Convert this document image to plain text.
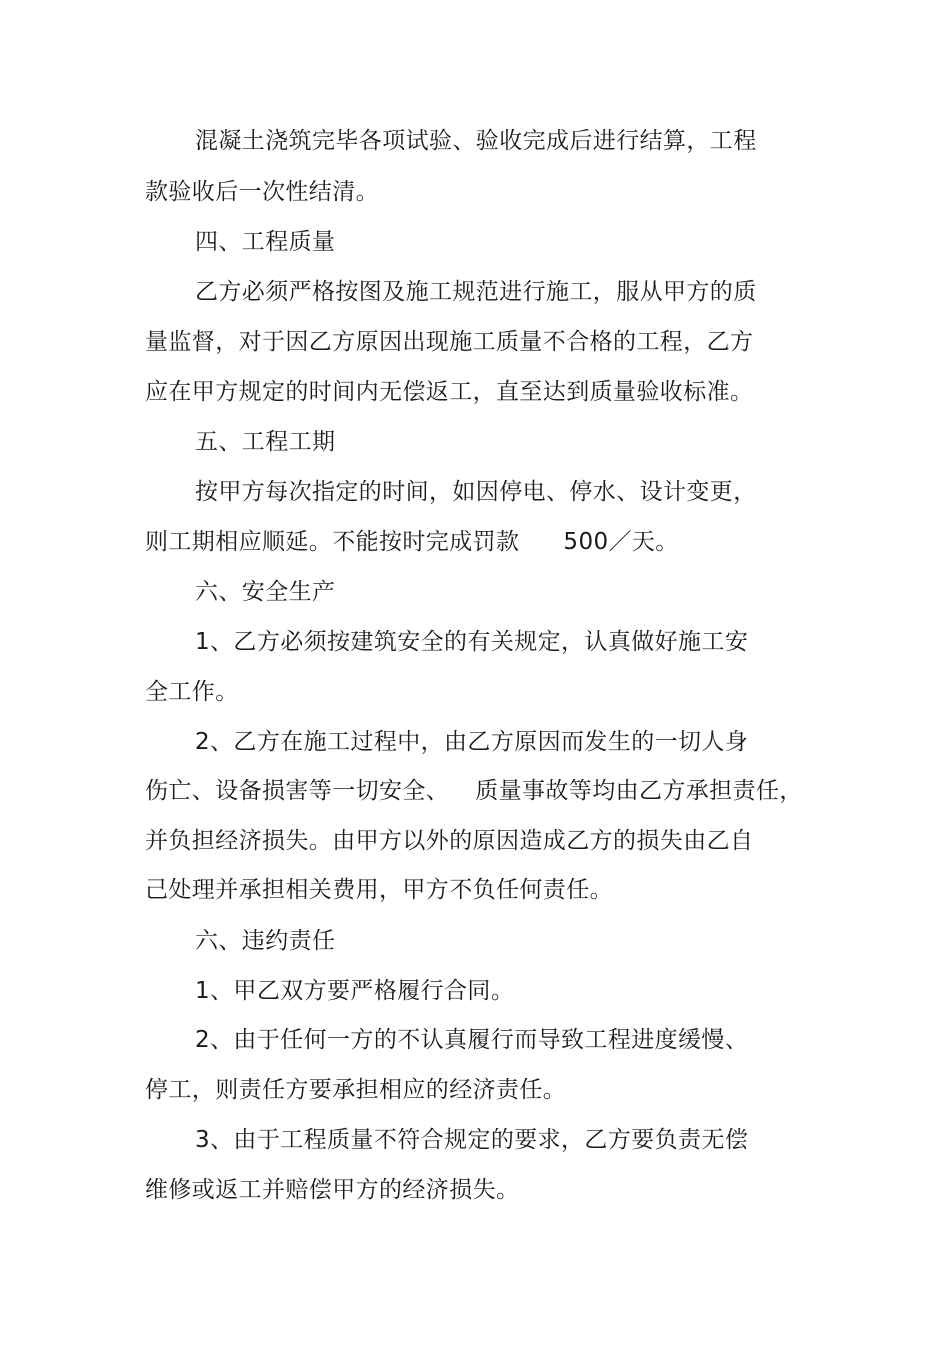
混凝土浇筑完毕各项试验、验收完成后进行结算，工程
款验收后一次性结清。
四、工程质量
乙方必须严格按图及施工规范进行施工，服从甲方的质
量监督，对于因乙方原因出现施工质量不合格的工程，乙方
应在甲方规定的时间内无偿返工，直至达到质量验收标准。
五、工程工期
按甲方每次指定的时间，如因停电、停水、设计变更，
则工期相应顺延。不能按时完成罚款 500／天。
六、安全生产
1、乙方必须按建筑安全的有关规定，认真做好施工安
全工作。
2、乙方在施工过程中，由乙方原因而发生的一切人身
伤亡、设备损害等一切安全、 质量事故等均由乙方承担责任，
并负担经济损失。由甲方以外的原因造成乙方的损失由乙自
己处理并承担相关费用，甲方不负任何责任。
六、违约责任
1、甲乙双方要严格履行合同。
2、由于任何一方的不认真履行而导致工程进度缓慢、
停工，则责任方要承担相应的经济责任。
3、由于工程质量不符合规定的要求，乙方要负责无偿
维修或返工并赔偿甲方的经济损失。
